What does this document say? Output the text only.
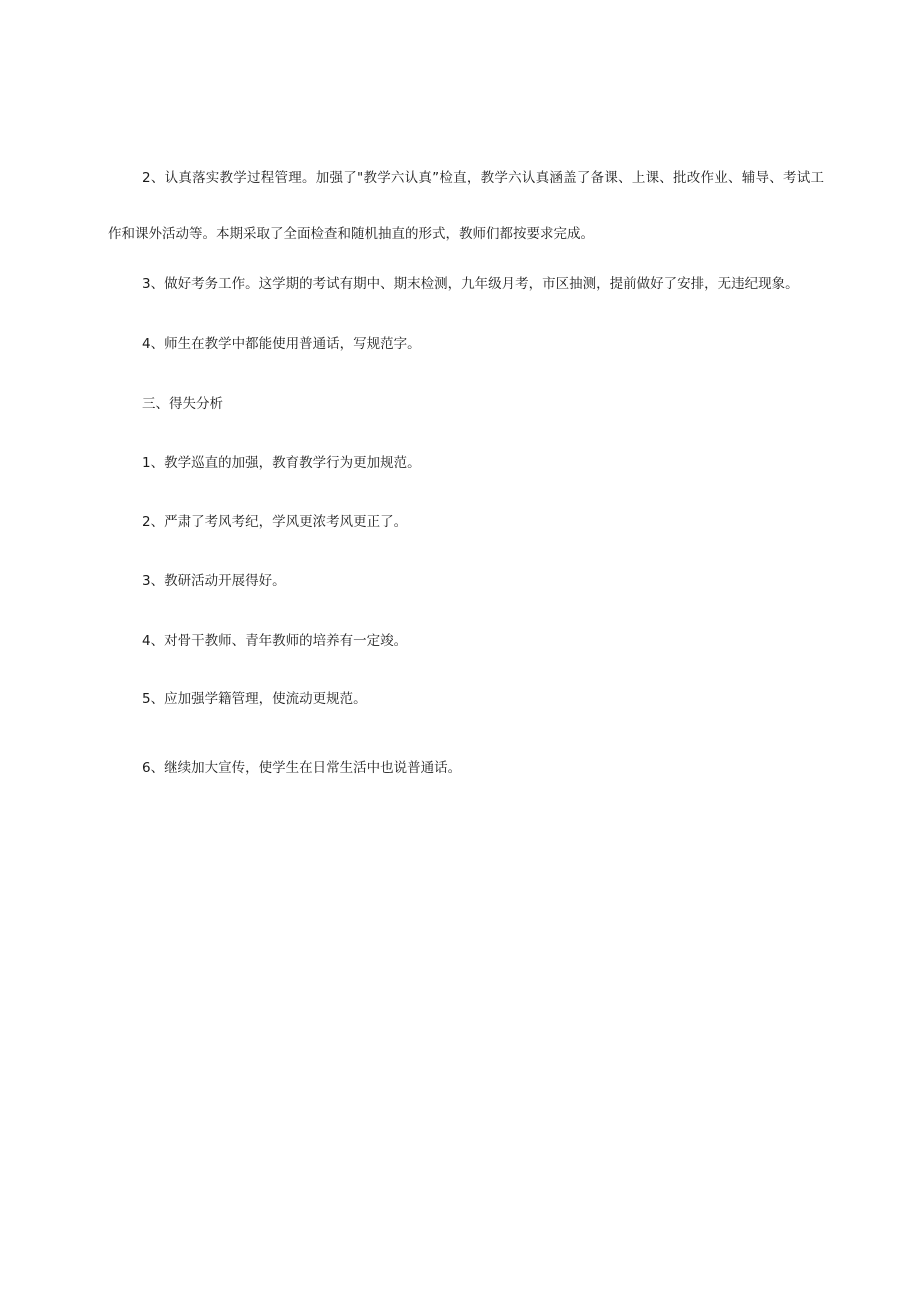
2、认真落实教学过程管理。加强了"教学六认真”检直，教学六认真涵盖了备课、上课、批改作业、辅导、考试工作和课外活动等。本期采取了全面检查和随机抽直的形式，教师们都按要求完成。

3、做好考务工作。这学期的考试有期中、期末检测，九年级月考，市区抽测，提前做好了安排，无违纪现象。

4、师生在教学中都能使用普通话，写规范字。

三、得失分析

1、教学巡直的加强，教育教学行为更加规范。

2、严肃了考风考纪，学风更浓考风更正了。

3、教研活动开展得好。

4、对骨干教师、青年教师的培养有一定竣。

5、应加强学籍管理，使流动更规范。

6、继续加大宣传，使学生在日常生活中也说普通话。
